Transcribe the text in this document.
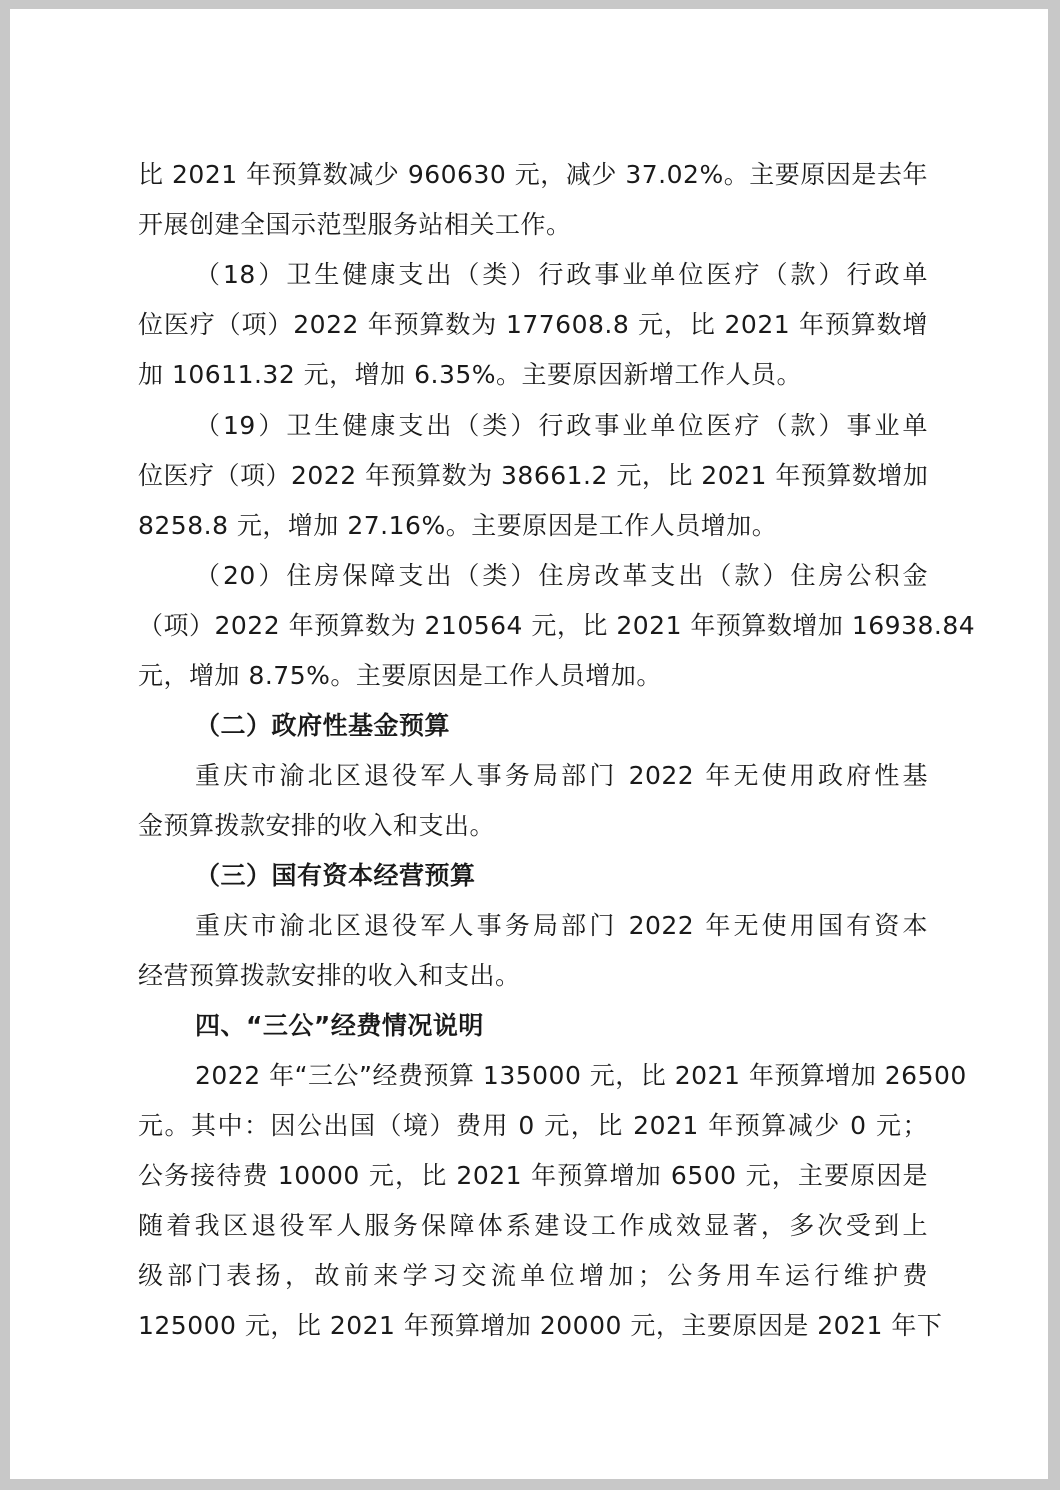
比 2021 年预算数减少 960630 元，减少 37.02%。主要原因是去年
开展创建全国示范型服务站相关工作。
（18）卫生健康支出（类）行政事业单位医疗（款）行政单
位医疗（项）2022 年预算数为 177608.8 元，比 2021 年预算数增
加 10611.32 元，增加 6.35%。主要原因新增工作人员。
（19）卫生健康支出（类）行政事业单位医疗（款）事业单
位医疗（项）2022 年预算数为 38661.2 元，比 2021 年预算数增加
8258.8 元，增加 27.16%。主要原因是工作人员增加。
（20）住房保障支出（类）住房改革支出（款）住房公积金
（项）2022 年预算数为 210564 元，比 2021 年预算数增加 16938.84
元，增加 8.75%。主要原因是工作人员增加。
（二）政府性基金预算
重庆市渝北区退役军人事务局部门 2022 年无使用政府性基
金预算拨款安排的收入和支出。
（三）国有资本经营预算
重庆市渝北区退役军人事务局部门 2022 年无使用国有资本
经营预算拨款安排的收入和支出。
四、“三公”经费情况说明
2022 年“三公”经费预算 135000 元，比 2021 年预算增加 26500
元。其中：因公出国（境）费用 0 元，比 2021 年预算减少 0 元；
公务接待费 10000 元，比 2021 年预算增加 6500 元，主要原因是
随着我区退役军人服务保障体系建设工作成效显著，多次受到上
级部门表扬，故前来学习交流单位增加；公务用车运行维护费
125000 元，比 2021 年预算增加 20000 元，主要原因是 2021 年下
